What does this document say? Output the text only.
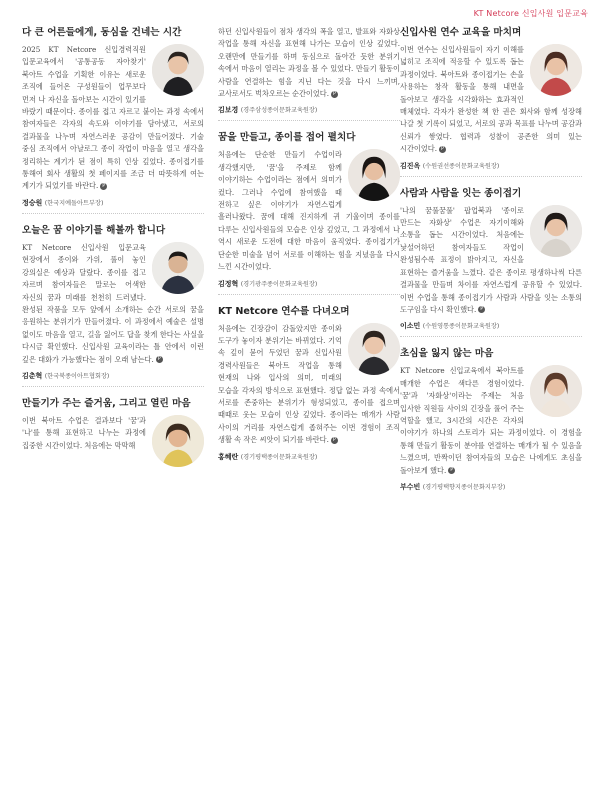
KT Netcore 신입사원 입문교육
다 큰 어른들에게, 동심을 건네는 시간

2025 KT Netcore 신입경력직원 입문교육에서 '공통공동 자아찾기' 북아트 수업을 기획한 이유는 새로운 조직에 들어온 구성원들이 업무보다 먼저 나 자신을 돌아보는 시간이 있기를 바랐기 때문이다. 종이를 접고 자르고 붙이는 과정 속에서 참여자들은 각자의 속도와 이야기를 담아냈고, 서로의 결과물을 나누며 자연스러운 공감이 만들어졌다. 기술 중심 조직에서 아날로그 종이 작업이 마음을 열고 생각을 정리하는 계기가 된 점이 특히 인상 깊었다. 종이접기를 통해여 회사 생활의 첫 페이지를 조금 더 따뜻하게 여는 계기가 되었기를 바란다. P

정승원 (한국지예돌아트부장)
오늘은 꿈 이야기를 해볼까 합니다

KT Netcore 신입사원 입문교육 현장에서 종이와 가위, 풀이 놓인 강의실은 예상과 달랐다. 종이를 접고 자르며 참여자들은 말로는 어색한 자신의 꿈과 미래를 천천히 드러냈다. 완성된 작품을 모두 앞에서 소개하는 순간 서로의 꿈을 응원하는 분위기가 만들어졌다. 이 과정에서 예술은 설명 없이도 마음을 열고, 길을 잃어도 답을 찾게 한다는 사실을 다시금 확인했다. 신입사원 교육이라는 틀 안에서 이런 깊은 대화가 가능했다는 점이 오래 남는다. P

김춘혁 (한국북종이아트협회장)
만들기가 주는 즐거움, 그리고 열린 마음

이번 북아트 수업은 결과보다 '꿈'과 '나'를 통해 표현하고 나누는 과정에 집중한 시간이었다. 처음에는 막막해

하던 신입사원들이 점차 생각의 폭을 열고, 발표와 자화상 작업을 통해 자신을 표현해 나가는 모습이 인상 깊었다. 오랜만에 만들기를 하며 동심으로 돌아간 듯한 분위기 속에서 마음이 열리는 과정을 볼 수 있었다. 만들기 활동이 사람을 연결하는 힘을 지닌 다는 것을 다시 느끼며, 교사로서도 벅차오르는 순간이었다. P

김보경 (경주삼성종이문화교육원장)
꿈을 만들고, 종이를 접어 펼치다

처음에는 단순한 만들기 수업이라 생각했지만, '꿈'을 주제로 함께 이야기하는 수업이라는 점에서 의미가 컸다. 그러나 수업에 참여했을 때 전하고 싶은 이야기가 자연스럽게 흘러나왔다. 꿈에 대해 진지하게 귀 기울이며 종이를 다루는 신입사원들의 모습은 인상 깊었고, 그 과정에서 나 역시 새로운 도전에 대한 마음이 움직였다. 종이접기가 단순한 미술을 넘어 서로를 이해하는 힘을 지녔음을 다시 느낀 시간이었다.

김정혁 (경기광주종이문화교육원장)
KT Netcore 연수를 다녀오며

처음에는 긴장감이 감돌았지만 종이와 도구가 놓이자 분위기는 바뀌었다. 기억 속 깊이 묻어 두었던 꿈과 신입사원 경력사원들은 북아트 작업을 통해 현재의 나와 입사의 의미, 미래의 모습을 각자의 방식으로 표현했다. 정답 없는 과정 속에서 서로를 존중하는 분위기가 형성되었고, 종이를 접으며 때때로 웃는 모습이 인상 깊었다. 종이라는 매개가 사람 사이의 거리를 자연스럽게 좁혀주는 이번 경험이 조직 생활 속 작은 씨앗이 되기를 바란다. P

홍혜란 (경기평택종이문화교육원장)
신입사원 연수 교육을 마치며

이번 연수는 신입사원들이 자기 이해를 넓히고 조직에 적응할 수 있도록 돕는 과정이었다. 북아트와 종이접기는 손을 사용하는 창작 활동을 통해 내면을 돌아보고 생각을 시각화하는 효과적인 매체였다. 각자가 완성한 책 한 권은 회사와 함께 성장해 나갈 첫 기록이 되었고, 서로의 공과 목표를 나누며 공감과 신뢰가 쌓였다. 협력과 성찰이 공존한 의미 있는 시간이었다. P

김진옥 (수원권선종이문화교육원장)
사람과 사람을 잇는 종이접기

'나의 꿈풀꿈풀' 팝업북과 '종이로 만드는 자화상' 수업은 자기이해와 소통을 돕는 시간이었다. 처음에는 낯설어하던 참여자들도 작업이 완성됨수록 표정이 밝아지고, 자신을 표현하는 즐거움을 느꼈다. 같은 종이로 평생하나씩 다른 결과물을 만들며 차이를 자연스럽게 공유할 수 있었다. 이번 수업을 통해 종이접기가 사람과 사람을 잇는 소통의 도구임을 다시 확인했다. P

이소민 (수원영통종이문화교육원장)
초심을 잃지 않는 마음

KT Netcore 신입교육에서 북아트를 매개한 수업은 색다른 경험이었다. '꿈'과 '자화상'이라는 주제는 처음 입사한 직원들 사이의 긴장을 풀어 주는 역할을 했고, 3시간의 시간은 각자의 이야기가 하나의 스토리가 되는 과정이었다. 이 경험을 통해 만들기 활동이 분야를 연결하는 매개가 될 수 있음을 느꼈으며, 반짝이던 참여자들의 모습은 나에게도 초심을 돌아보게 했다. P

부수빈 (경기평택향지종이문화지부장)
